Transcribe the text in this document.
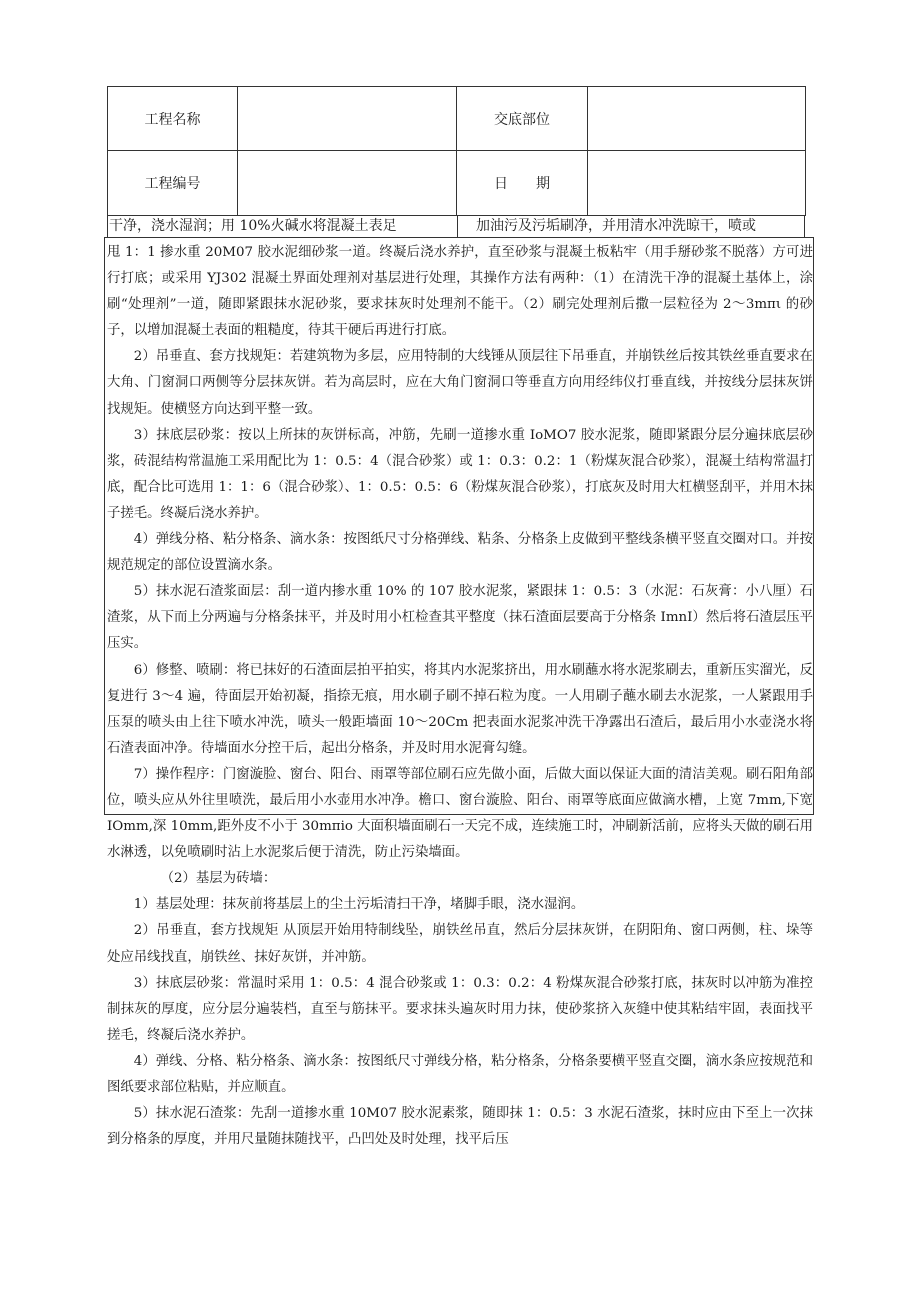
工程名称		交底部位	
工程编号		日　　期	
干净，浇水湿润；用 10%火碱水将混凝土表足	加油污及污垢刷净，并用清水冲洗晾干，喷或

甩 1：1 掺水重 20M07 胶水泥细砂浆一道。终凝后浇水养护，直至砂浆与混凝土板粘牢（用手掰砂浆不脱落）方可进行打底；或采用 YJ302 混凝土界面处理剂对基层进行处理，其操作方法有两种：（1）在清洗干净的混凝土基体上，涂刷“处理剂”一道，随即紧跟抹水泥砂浆，要求抹灰时处理剂不能干。（2）刷完处理剂后撒一层粒径为 2～3mπι 的砂子，以增加混凝土表面的粗糙度，待其干硬后再进行打底。

2）吊垂直、套方找规矩：若建筑物为多层，应用特制的大线锤从顶层往下吊垂直，并崩铁丝后按其铁丝垂直要求在大角、门窗洞口两侧等分层抹灰饼。若为高层时，应在大角门窗洞口等垂直方向用经纬仪打垂直线，并按线分层抹灰饼找规矩。使横竖方向达到平整一致。

3）抹底层砂浆：按以上所抹的灰饼标高，冲筋，先刷一道掺水重 IoMO7 胶水泥浆，随即紧跟分层分遍抹底层砂浆，砖混结构常温施工采用配比为 1：0.5：4（混合砂浆）或 1：0.3：0.2：1（粉煤灰混合砂浆），混凝土结构常温打底，配合比可选用 1：1：6（混合砂浆）、1：0.5：0.5：6（粉煤灰混合砂浆），打底灰及时用大杠横竖刮平，并用木抹子搓毛。终凝后浇水养护。

4）弹线分格、粘分格条、滴水条：按图纸尺寸分格弹线、粘条、分格条上皮做到平整线条横平竖直交圈对口。并按规范规定的部位设置滴水条。

5）抹水泥石渣浆面层：刮一道内掺水重 10% 的 107 胶水泥浆，紧跟抹 1：0.5：3（水泥：石灰膏：小八厘）石渣浆，从下而上分两遍与分格条抹平，并及时用小杠检查其平整度（抹石渣面层要高于分格条 ImnI）然后将石渣层压平压实。

6）修整、喷刷：将已抹好的石渣面层拍平拍实，将其内水泥浆挤出，用水刷蘸水将水泥浆刷去，重新压实溜光，反复进行 3～4 遍，待面层开始初凝，指捺无痕，用水刷子刷不掉石粒为度。一人用刷子蘸水刷去水泥浆，一人紧跟用手压泵的喷头由上往下喷水冲洗，喷头一般距墙面 10～20Cm 把表面水泥浆冲洗干净露出石渣后，最后用小水壶浇水将石渣表面冲净。待墙面水分控干后，起出分格条，并及时用水泥膏勾缝。

7）操作程序：门窗漩脸、窗台、阳台、雨罩等部位刷石应先做小面，后做大面以保证大面的清洁美观。刷石阳角部位，喷头应从外往里喷洗，最后用小水壶用水冲净。檐口、窗台漩脸、阳台、雨罩等底面应做滴水槽，上宽 7mm,下宽 IOmm,深 10mm,距外皮不小于 30mπio 大面积墙面刷石一天完不成，连续施工时，冲刷新活前，应将头天做的刷石用水淋透，以免喷刷时沾上水泥浆后便于清洗，防止污染墙面。

（2）基层为砖墙：

1）基层处理：抹灰前将基层上的尘土污垢清扫干净，堵脚手眼，浇水湿润。

2）吊垂直，套方找规矩 从顶层开始用特制线坠，崩铁丝吊直，然后分层抹灰饼，在阴阳角、窗口两侧，柱、垛等处应吊线找直，崩铁丝、抹好灰饼，并冲筋。

3）抹底层砂浆：常温时采用 1：0.5：4 混合砂浆或 1：0.3：0.2：4 粉煤灰混合砂浆打底，抹灰时以冲筋为准控制抹灰的厚度，应分层分遍装档，直至与筋抹平。要求抹头遍灰时用力抹，使砂浆挤入灰缝中使其粘结牢固，表面找平搓毛，终凝后浇水养护。

4）弹线、分格、粘分格条、滴水条：按图纸尺寸弹线分格，粘分格条，分格条要横平竖直交圈，滴水条应按规范和图纸要求部位粘贴，并应顺直。

5）抹水泥石渣浆：先刮一道掺水重 10M07 胶水泥素浆，随即抹 1：0.5：3 水泥石渣浆，抹时应由下至上一次抹到分格条的厚度，并用尺量随抹随找平，凸凹处及时处理，找平后压
